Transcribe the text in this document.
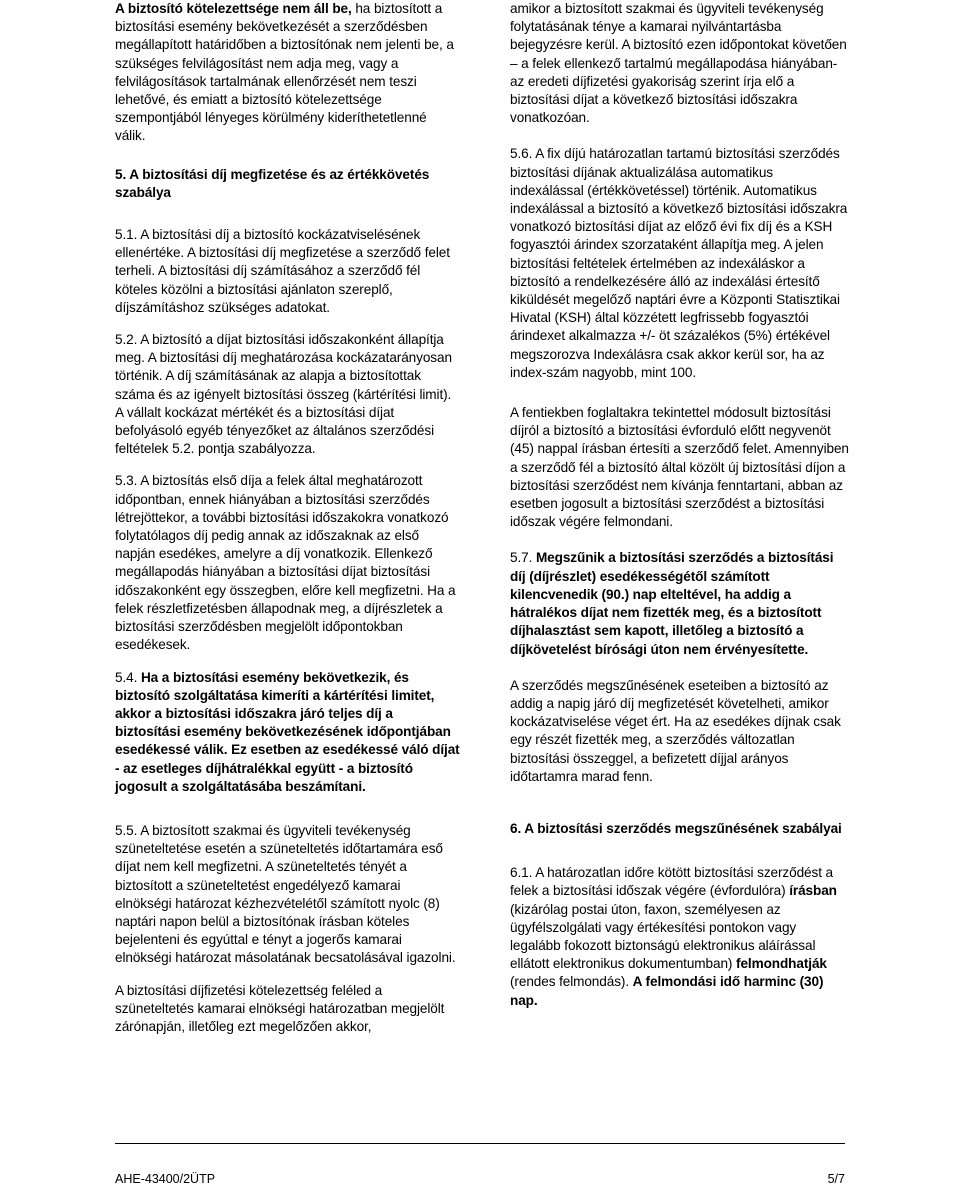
A biztosító kötelezettsége nem áll be, ha biztosított a biztosítási esemény bekövetkezését a szerződésben megállapított határidőben a biztosítónak nem jelenti be, a szükséges felvilágosítást nem adja meg, vagy a felvilágosítások tartalmának ellenőrzését nem teszi lehetővé, és emiatt a biztosító kötelezettsége szempontjából lényeges körülmény kideríthetetlenné válik.

5. A biztosítási díj megfizetése és az értékkövetés szabálya

5.1. A biztosítási díj a biztosító kockázatviselésének ellenértéke. A biztosítási díj megfizetése a szerződő felet terheli. A biztosítási díj számításához a szerződő fél köteles közölni a biztosítási ajánlaton szereplő, díjszámításhoz szükséges adatokat.

5.2. A biztosító a díjat biztosítási időszakonként állapítja meg. A biztosítási díj meghatározása kockázatarányosan történik. A díj számításának az alapja a biztosítottak száma és az igényelt biztosítási összeg (kártérítési limit). A vállalt kockázat mértékét és a biztosítási díjat befolyásoló egyéb tényezőket az általános szerződési feltételek 5.2. pontja szabályozza.

5.3. A biztosítás első díja a felek által meghatározott időpontban, ennek hiányában a biztosítási szerződés létrejöttekor, a további biztosítási időszakokra vonatkozó folytatólagos díj pedig annak az időszaknak az első napján esedékes, amelyre a díj vonatkozik. Ellenkező megállapodás hiányában a biztosítási díjat biztosítási időszakonként egy összegben, előre kell megfizetni. Ha a felek részletfizetésben állapodnak meg, a díjrészletek a biztosítási szerződésben megjelölt időpontokban esedékesek.

5.4. Ha a biztosítási esemény bekövetkezik, és biztosító szolgáltatása kimeríti a kártérítési limitet, akkor a biztosítási időszakra járó teljes díj a biztosítási esemény bekövetkezésének időpontjában esedékessé válik. Ez esetben az esedékessé váló díjat - az esetleges díjhátralékkal együtt - a biztosító jogosult a szolgáltatásába beszámítani.

5.5. A biztosított szakmai és ügyviteli tevékenység szüneteltetése esetén a szüneteltetés időtartamára eső díjat nem kell megfizetni. A szüneteltetés tényét a biztosított a szüneteltetést engedélyező kamarai elnökségi határozat kézhezvételétől számított nyolc (8) naptári napon belül a biztosítónak írásban köteles bejelenteni és egyúttal e tényt a jogerős kamarai elnökségi határozat másolatának becsatolásával igazolni.

A biztosítási díjfizetési kötelezettség feléled a szüneteltetés kamarai elnökségi határozatban megjelölt zárónapján, illetőleg ezt megelőzően akkor,

amikor a biztosított szakmai és ügyviteli tevékenység folytatásának ténye a kamarai nyilvántartásba bejegyzésre kerül. A biztosító ezen időpontokat követően – a felek ellenkező tartalmú megállapodása hiányában- az eredeti díjfizetési gyakoriság szerint írja elő a biztosítási díjat a következő biztosítási időszakra vonatkozóan.

5.6. A fix díjú határozatlan tartamú biztosítási szerződés biztosítási díjának aktualizálása automatikus indexálással (értékkövetéssel) történik. Automatikus indexálással a biztosító a következő biztosítási időszakra vonatkozó biztosítási díjat az előző évi fix díj és a KSH fogyasztói árindex szorzataként állapítja meg. A jelen biztosítási feltételek értelmében az indexáláskor a biztosító a rendelkezésére álló az indexálási értesítő kiküldését megelőző naptári évre a Központi Statisztikai Hivatal (KSH) által közzétett legfrissebb fogyasztói árindexet alkalmazza +/- öt százalékos (5%) értékével megszorozva Indexálásra csak akkor kerül sor, ha az index-szám nagyobb, mint 100.

A fentiekben foglaltakra tekintettel módosult biztosítási díjról a biztosító a biztosítási évforduló előtt negyvenöt (45) nappal írásban értesíti a szerződő felet. Amennyiben a szerződő fél a biztosító által közölt új biztosítási díjon a biztosítási szerződést nem kívánja fenntartani, abban az esetben jogosult a biztosítási szerződést a biztosítási időszak végére felmondani.

5.7. Megszűnik a biztosítási szerződés a biztosítási díj (díjrészlet) esedékességétől számított kilencvenedik (90.) nap elteltével, ha addig a hátralékos díjat nem fizették meg, és a biztosított díjhalasztást sem kapott, illetőleg a biztosító a díjkövetelést bírósági úton nem érvényesítette.

A szerződés megszűnésének eseteiben a biztosító az addig a napig járó díj megfizetését követelheti, amikor kockázatviselése véget ért. Ha az esedékes díjnak csak egy részét fizették meg, a szerződés változatlan biztosítási összeggel, a befizetett díjjal arányos időtartamra marad fenn.

6. A biztosítási szerződés megszűnésének szabályai

6.1. A határozatlan időre kötött biztosítási szerződést a felek a biztosítási időszak végére (évfordulóra) írásban (kizárólag postai úton, faxon, személyesen az ügyfélszolgálati vagy értékesítési pontokon vagy legalább fokozott biztonságú elektronikus aláírással ellátott elektronikus dokumentumban) felmondhatják (rendes felmondás). A felmondási idő harminc (30) nap.

AHE-43400/2ÜTP	5/7
